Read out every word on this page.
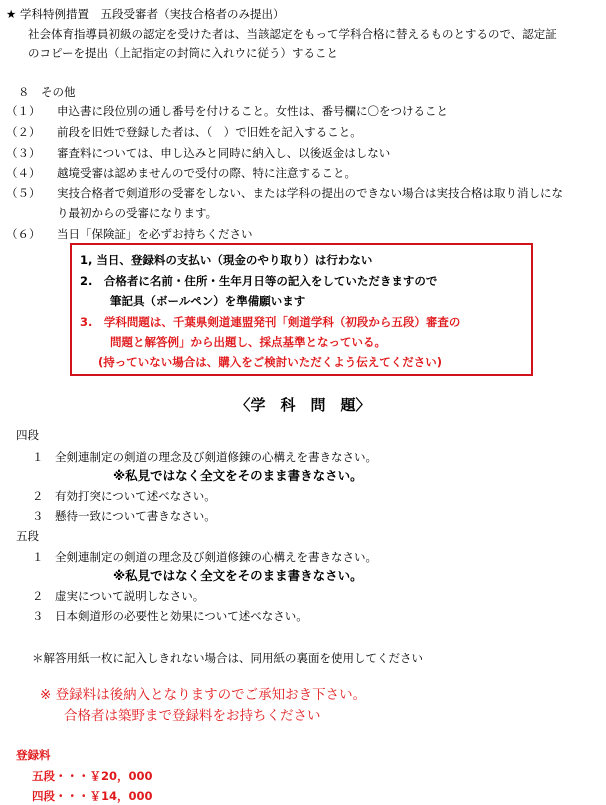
★ 学科特例措置　五段受審者（実技合格者のみ提出）
社会体育指導員初級の認定を受けた者は、当該認定をもって学科合格に替えるものとするので、認定証
のコピーを提出（上記指定の封筒に入れウに従う）すること
８　その他
（１） 申込書に段位別の通し番号を付けること。女性は、番号欄に〇をつけること
（２） 前段を旧姓で登録した者は、（　）で旧姓を記入すること。
（３） 審査料については、申し込みと同時に納入し、以後返金はしない
（４） 越境受審は認めませんので受付の際、特に注意すること。
（５） 実技合格者で剣道形の受審をしない、または学科の提出のできない場合は実技合格は取り消しにな
り最初からの受審になります。
（６） 当日「保険証」を必ずお持ちください
1, 当日、登録料の支払い（現金のやり取り）は行わない
2.　合格者に名前・住所・生年月日等の記入をしていただきますので
筆記具（ボールペン）を準備願います
3.　学科問題は、千葉県剣道連盟発刊「剣道学科（初段から五段）審査の
問題と解答例」から出題し、採点基準となっている。
(持っていない場合は、購入をご検討いただくよう伝えてください)
〈学　科　問　題〉
四段
１　全剣連制定の剣道の理念及び剣道修錬の心構えを書きなさい。
※私見ではなく全文をそのまま書きなさい。
２　有効打突について述べなさい。
３　懸待一致について書きなさい。
五段
１　全剣連制定の剣道の理念及び剣道修錬の心構えを書きなさい。
※私見ではなく全文をそのまま書きなさい。
２　虚実について説明しなさい。
３　日本剣道形の必要性と効果について述べなさい。
＊解答用紙一枚に記入しきれない場合は、同用紙の裏面を使用してください
※ 登録料は後納入となりますのでご承知おき下さい。
合格者は築野まで登録料をお持ちください
登録料
五段・・・￥20，000
四段・・・￥14，000
